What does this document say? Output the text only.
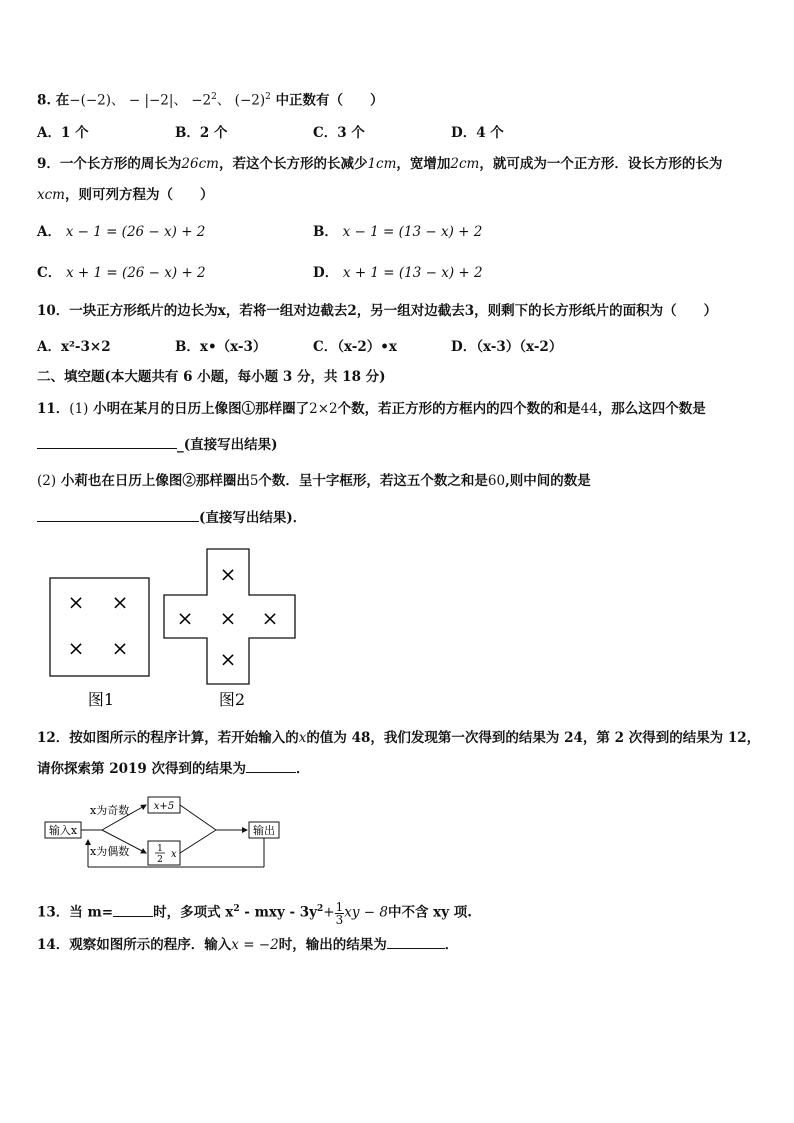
8. 在−(−2)、 − |−2|、 $-2^2$、 $(-2)^2$ 中正数有（　　）
A．1 个	B．2 个	C．3 个	D．4 个
9．一个长方形的周长为26cm，若这个长方形的长减少1cm，宽增加2cm，就可成为一个正方形．设长方形的长为
xcm，则可列方程为（　　）
A． x − 1 = (26 − x) + 2	B． x − 1 = (13 − x) + 2
C． x + 1 = (26 − x) + 2	D． x + 1 = (13 − x) + 2
10．一块正方形纸片的边长为x，若将一组对边截去2，另一组对边截去3，则剩下的长方形纸片的面积为（　　）
A．x²-3×2	B．x•（x-3）	C．（x-2）•x	D．（x-3）（x-2）
二、填空题(本大题共有 6 小题，每小题 3 分，共 18 分)
11．(1) 小明在某月的日历上像图①那样圈了2×2个数，若正方形的方框内的四个数的和是44，那么这四个数是
_(直接写出结果)
(2) 小莉也在日历上像图②那样圈出5个数．呈十字框形，若这五个数之和是60,则中间的数是
(直接写出结果)．
× ×
× ×
图1
×
× × ×
×
图2
12．按如图所示的程序计算，若开始输入的x的值为 48，我们发现第一次得到的结果为 24，第 2 次得到的结果为 12，
请你探索第 2019 次得到的结果为	．
输入x
x为奇数
x为偶数
x+5
1
2 x
输出
13．当 m=	时，多项式 $x^2$ - mxy - $3y^2+ \frac{1}{3}$ xy − 8中不含 xy 项.
14．观察如图所示的程序．输入x = −2时，输出的结果为	．
